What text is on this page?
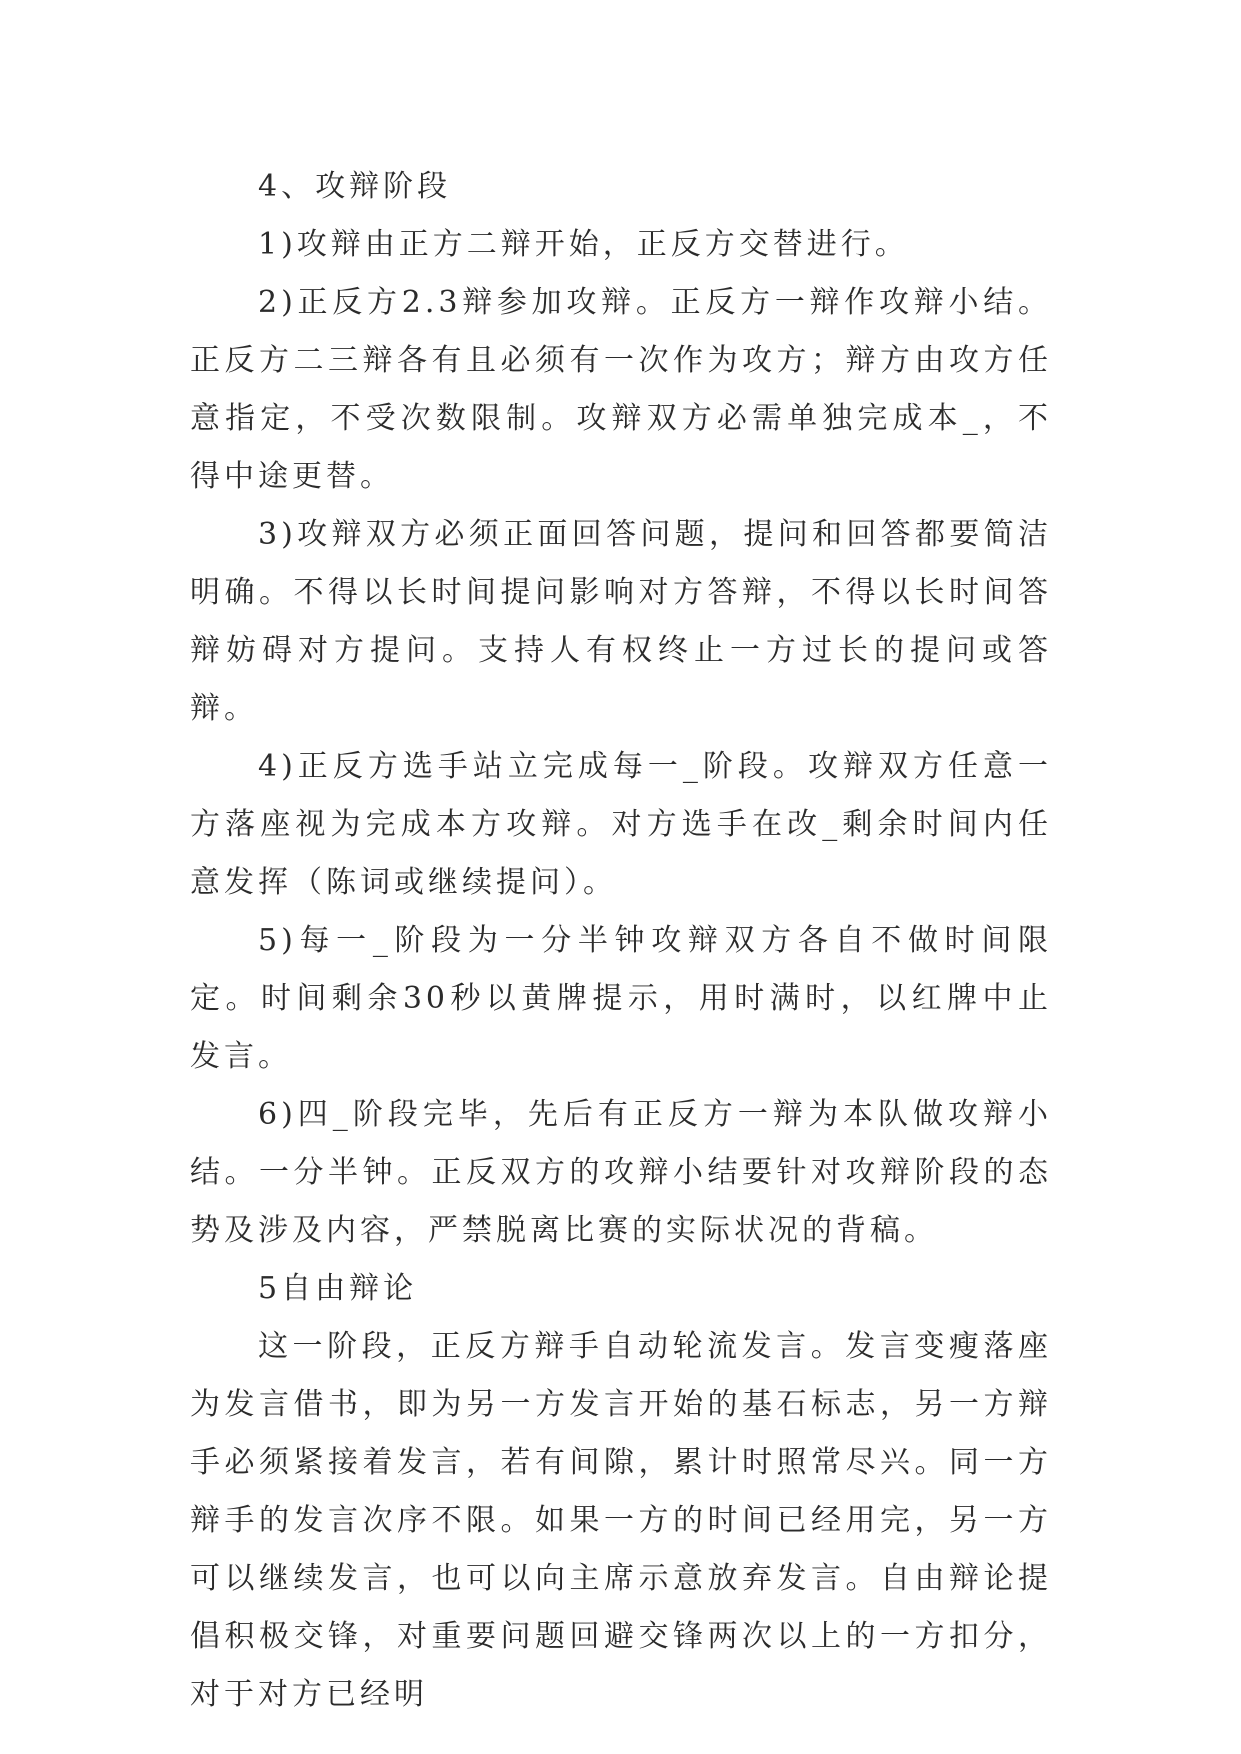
4、攻辩阶段

1)攻辩由正方二辩开始，正反方交替进行。

2)正反方2.3辩参加攻辩。正反方一辩作攻辩小结。正反方二三辩各有且必须有一次作为攻方；辩方由攻方任意指定，不受次数限制。攻辩双方必需单独完成本_，不得中途更替。

3)攻辩双方必须正面回答问题，提问和回答都要简洁明确。不得以长时间提问影响对方答辩，不得以长时间答辩妨碍对方提问。支持人有权终止一方过长的提问或答辩。

4)正反方选手站立完成每一_阶段。攻辩双方任意一方落座视为完成本方攻辩。对方选手在改_剩余时间内任意发挥（陈词或继续提问）。

5)每一_阶段为一分半钟攻辩双方各自不做时间限定。时间剩余30秒以黄牌提示，用时满时，以红牌中止发言。

6)四_阶段完毕，先后有正反方一辩为本队做攻辩小结。一分半钟。正反双方的攻辩小结要针对攻辩阶段的态势及涉及内容，严禁脱离比赛的实际状况的背稿。

5自由辩论

这一阶段，正反方辩手自动轮流发言。发言变瘦落座为发言借书，即为另一方发言开始的基石标志，另一方辩手必须紧接着发言，若有间隙，累计时照常尽兴。同一方辩手的发言次序不限。如果一方的时间已经用完，另一方可以继续发言，也可以向主席示意放弃发言。自由辩论提倡积极交锋，对重要问题回避交锋两次以上的一方扣分，对于对方已经明
